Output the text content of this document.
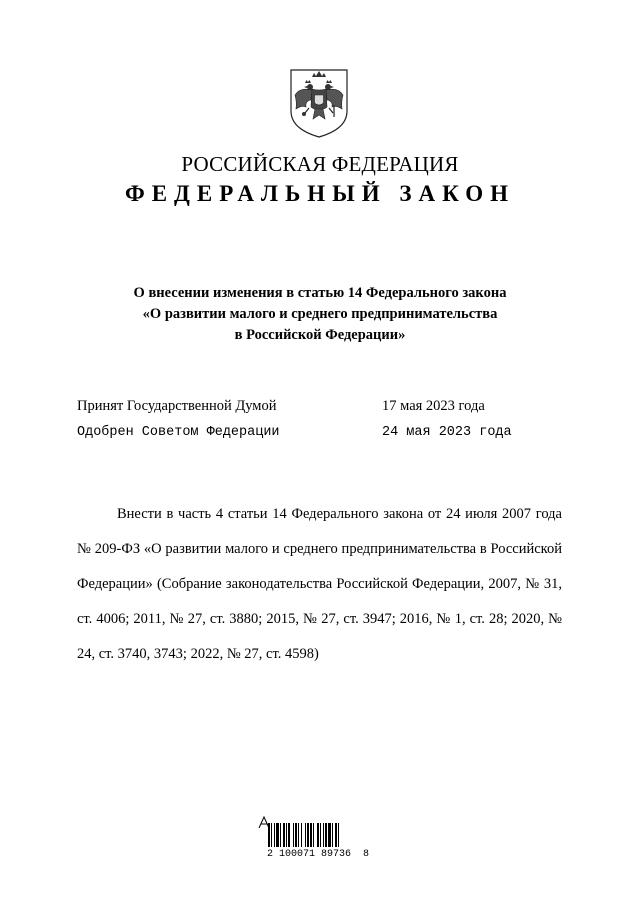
РОССИЙСКАЯ ФЕДЕРАЦИЯ
ФЕДЕРАЛЬНЫЙ ЗАКОН
О внесении изменения в статью 14 Федерального закона
«О развитии малого и среднего предпринимательства
в Российской Федерации»
Принят Государственной Думой	17 мая 2023 года
Одобрен Советом Федерации	24 мая 2023 года
Внести в часть 4 статьи 14 Федерального закона от 24 июля 2007 года № 209-ФЗ «О развитии малого и среднего предпринимательства в Российской Федерации» (Собрание законодательства Российской Федерации, 2007, № 31, ст. 4006; 2011, № 27, ст. 3880; 2015, № 27, ст. 3947; 2016, № 1, ст. 28; 2020, № 24, ст. 3740, 3743; 2022, № 27, ст. 4598)
2 100071 89736  8
